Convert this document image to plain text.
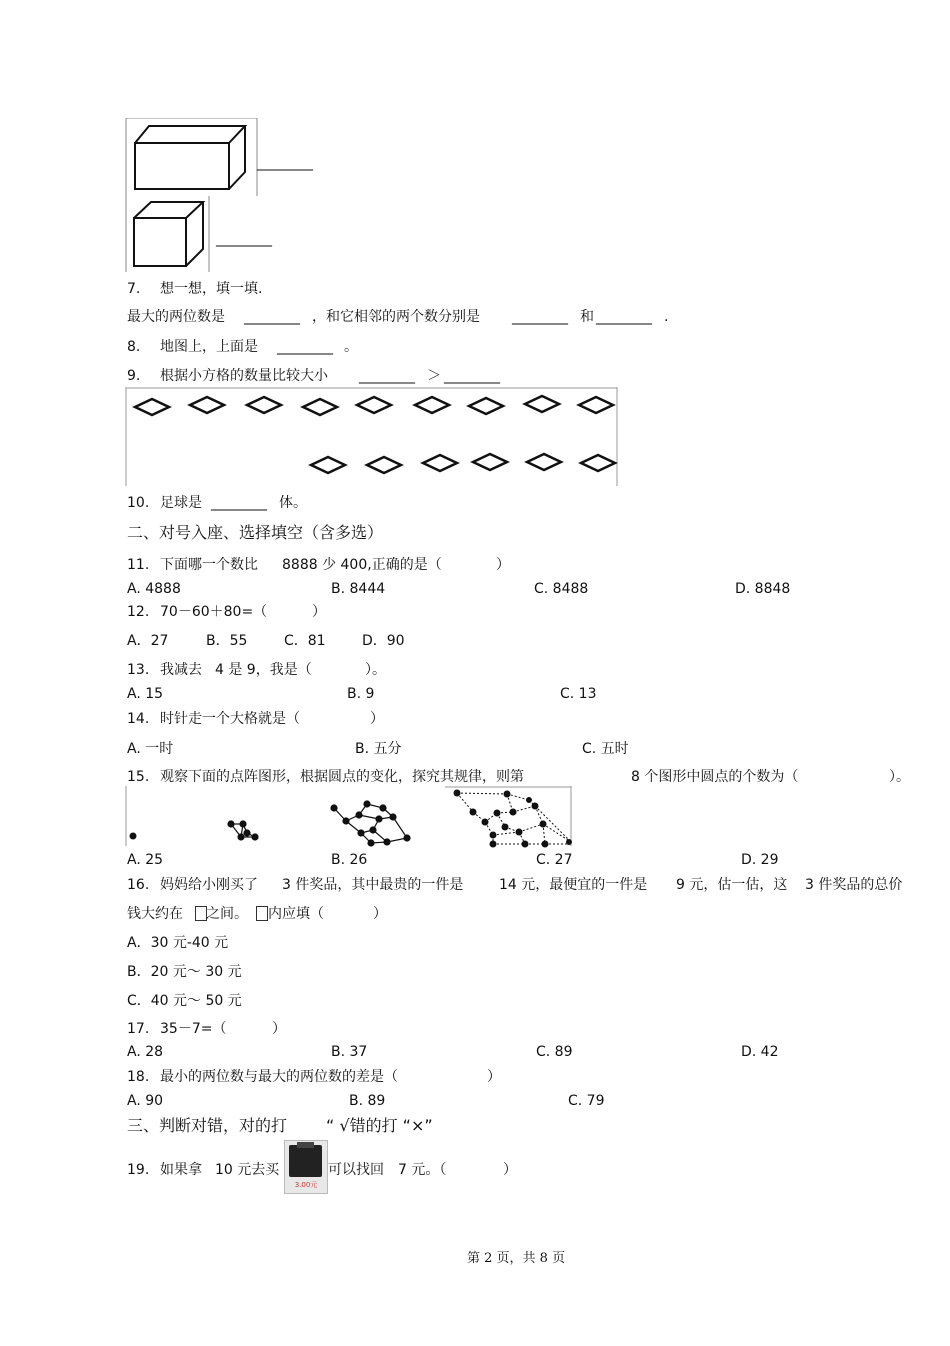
________
________
7. 想一想，填一填.
最大的两位数是 ________ ，和它相邻的两个数分别是 ________ 和 ________ .
8. 地图上，上面是 ________ 。
9. 根据小方格的数量比较大小 ________ ＞ ________
10. 足球是 ________ 体。
二、对号入座、选择填空（含多选）
11. 下面哪一个数比 8888 少 400,正确的是（	）
A. 4888	B. 8444	C. 8488	D. 8848
12. 70－60＋80=（	）
A．27	B．55	C．81	D．90
13. 我减去 4 是 9，我是（	）。
A. 15	B. 9	C. 13
14. 时针走一个大格就是（	）
A. 一时	B. 五分	C. 五时
15. 观察下面的点阵图形，根据圆点的变化，探究其规律，则第	8 个图形中圆点的个数为（	）。
A. 25	B. 26	C. 27	D. 29
16. 妈妈给小刚买了 3 件奖品，其中最贵的一件是	14 元，最便宜的一件是 9 元，估一估，这 3 件奖品的总价
钱大约在 之间。 内应填（	）
A．30 元-40 元
B．20 元～ 30 元
C．40 元～ 50 元
17. 35－7=（	）
A. 28	B. 37	C. 89	D. 42
18. 最小的两位数与最大的两位数的差是（	）
A. 90	B. 89	C. 79
三、判断对错，对的打 “ √错的打 “×”
19. 如果拿 10 元去买
3.00元
可以找回 7 元。（	）
第 2 页，共 8 页
